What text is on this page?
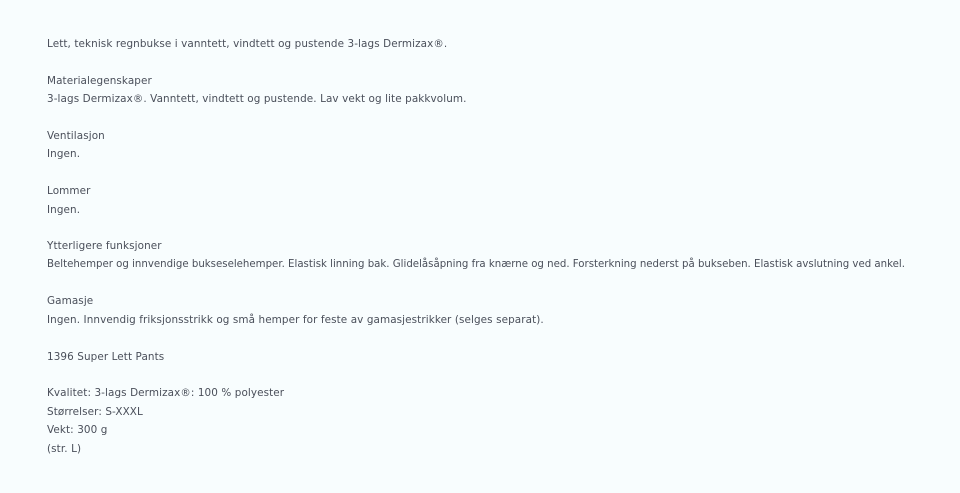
Lett, teknisk regnbukse i vanntett, vindtett og pustende 3-lags Dermizax®.
Materialegenskaper
3-lags Dermizax®. Vanntett, vindtett og pustende. Lav vekt og lite pakkvolum.
Ventilasjon
Ingen.
Lommer
Ingen.
Ytterligere funksjoner
Beltehemper og innvendige bukseselehemper. Elastisk linning bak. Glidelåsåpning fra knærne og ned. Forsterkning nederst på bukseben. Elastisk avslutning ved ankel.
Gamasje
Ingen. Innvendig friksjonsstrikk og små hemper for feste av gamasjestrikker (selges separat).
1396 Super Lett Pants
Kvalitet: 3-lags Dermizax®: 100 % polyester
Størrelser: S-XXXL
Vekt: 300 g
(str. L)
